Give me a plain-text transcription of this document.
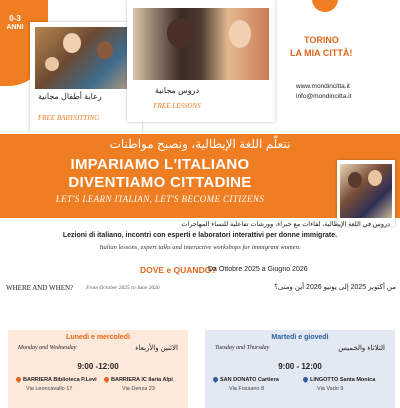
0-3
ANNI
رعاية أطفال مجانية
FREE BABYSITTING
دروس مجانية
FREE LESSONS
TORINO
LA MIA CITTÀ!
www.mondincitta.it
info@mondincitta.it
نتعلّم اللغة الإيطالية، ونصبح مواطنات
IMPARIAMO L'ITALIANO
DIVENTIAMO CITTADINE
LET'S LEARN ITALIAN, LET'S BECOME CITIZENS
دروس في اللغة الإيطالية، لقاءات مع خبراء، وورشات تفاعلية للنساء المهاجرات
Lezioni di italiano, incontri con esperti e laboratori interattivi per donne immigrate.
Italian lessons, expert talks and interactive workshops for immigrant women.
DOVE e QUANDO?
Da Ottobre 2025 a Giugno 2026
WHERE AND WHEN? From October 2025 to June 2026	من أكتوبر 2025 إلى يونيو 2026 أين ومتى؟
Lunedì e mercoledì
Monday and Wednesday	الاثنين والأربعاء
9:00 -12:00
BARRIERA Biblioteca P.Levi
Via Leoncavallo 17
BARRIERA IC Ilaria Alpi
Via Denza 23
Martedì e giovedì
Tuesday and Thursday	الثلاثاء والخميس
9:00 - 12:00
SAN DONATO Cartiera
Via Fossano 8
LINGOTTO Santa Monica
Via Vado 9
